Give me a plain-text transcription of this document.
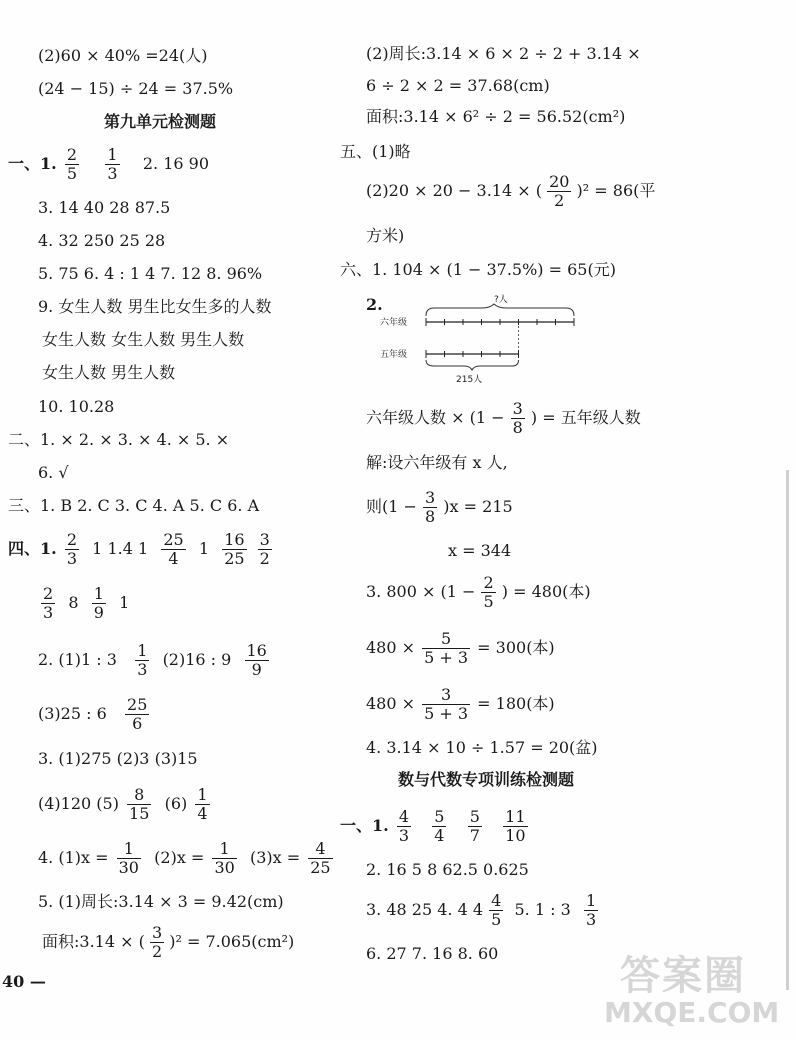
(2)60 × 40% =24(人)
(24 − 15) ÷ 24 = 37.5%
第九单元检测题
一、1. $\frac{2}{5}$
$\frac{1}{3} 2$. 16 90
3. 14 40 28 87.5
4. 32 250 25 28
5. 75 6. 4 : 1 4 7. 12 8. 96%
9. 女生人数 男生比女生多的人数
女生人数 女生人数 男生人数
女生人数 男生人数
10. 10.28
二、1. × 2. × 3. × 4. × 5. ×
6. √
三、1. B 2. C 3. C 4. A 5. C 6. A
四、1. $\frac{2}{3} 1$ 1.4 $1 \frac{25}{4} 1 \frac{16}{25}$
$\frac{3}{2}$
$\frac{2}{3} 8 \frac{1}{9} 1$
2. (1)1 : $3 \frac{1}{3} (2)16$ : $9 \frac{16}{9}$
(3)25 : $6 \frac{25}{6}$
3. (1)275 (2)3 (3)15
(4)120 $(5) \frac{8}{15} (6) \frac{1}{4}$
4. $(1)x = \frac{1}{30} (2)x = \frac{1}{30} (3)x = \frac{4}{25}$
5. (1)周长:3.14 × 3 = 9.42(cm)
面积:3.14 × ( $\frac{3}{2} )^2 = 7.065(cm^2)$
40 —
(2)周长:3.14 × 6 × 2 ÷ 2 + 3.14 ×
6 ÷ 2 × 2 = 37.68(cm)
面积:3.14 × 6² ÷ 2 = 56.52(cm²)
五、(1)略
(2)20 × 20 − 3.14 × ( $\frac{20}{2} )^2 = 86$(平
方米)
六、1. 104 × (1 − 37.5%) = 65(元)
2.	?人
六年级
五年级
215人
六年级人数 × ($1 - \frac{3}{8}$ ) = 五年级人数
解:设六年级有 x 人,
则$(1 - \frac{3}{8} )x = 215$
x = 344
3. $800 \times (1 - \frac{2}{5}$ ) = 480(本)
$480 \times \frac{5}{5 + 3} = 300$(本)
$480 \times \frac{3}{5 + 3} = 180$(本)
4. 3.14 × 10 ÷ 1.57 = 20(盆)
数与代数专项训练检测题
一、1. $\frac{4}{3}$
$\frac{5}{4}$
$\frac{5}{7}$
$\frac{11}{10}$
2. 16 5 8 62.5 0.625
3. 48 25 4. 4 $4 \frac{4}{5} 5$. 1 : $3 \frac{1}{3}$
6. 27 7. 16 8. 60	答案圈
MXQE.COM
